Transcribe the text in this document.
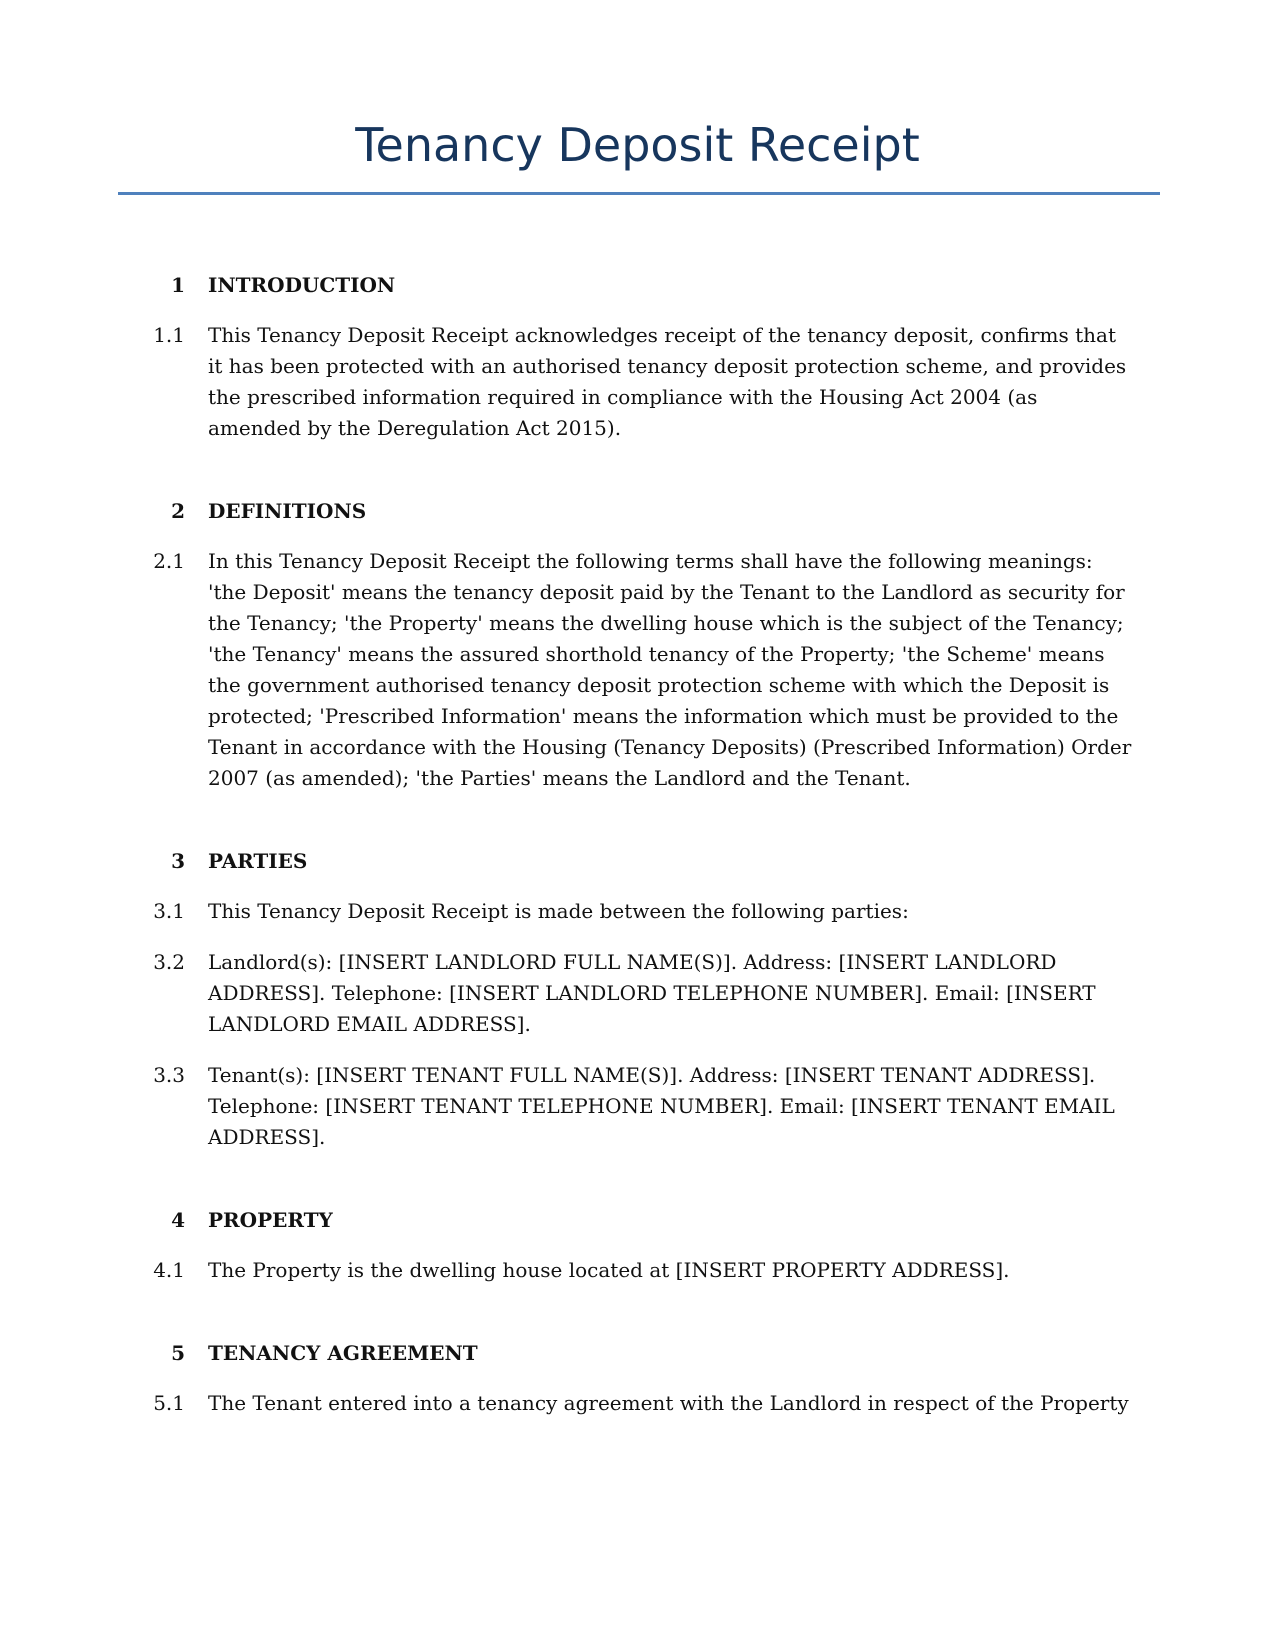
Tenancy Deposit Receipt
1 INTRODUCTION
1.1 This Tenancy Deposit Receipt acknowledges receipt of the tenancy deposit, confirms that it has been protected with an authorised tenancy deposit protection scheme, and provides the prescribed information required in compliance with the Housing Act 2004 (as amended by the Deregulation Act 2015).
2 DEFINITIONS
2.1 In this Tenancy Deposit Receipt the following terms shall have the following meanings: 'the Deposit' means the tenancy deposit paid by the Tenant to the Landlord as security for the Tenancy; 'the Property' means the dwelling house which is the subject of the Tenancy; 'the Tenancy' means the assured shorthold tenancy of the Property; 'the Scheme' means the government authorised tenancy deposit protection scheme with which the Deposit is protected; 'Prescribed Information' means the information which must be provided to the Tenant in accordance with the Housing (Tenancy Deposits) (Prescribed Information) Order 2007 (as amended); 'the Parties' means the Landlord and the Tenant.
3 PARTIES
3.1 This Tenancy Deposit Receipt is made between the following parties:
3.2 Landlord(s): [INSERT LANDLORD FULL NAME(S)]. Address: [INSERT LANDLORD ADDRESS]. Telephone: [INSERT LANDLORD TELEPHONE NUMBER]. Email: [INSERT LANDLORD EMAIL ADDRESS].
3.3 Tenant(s): [INSERT TENANT FULL NAME(S)]. Address: [INSERT TENANT ADDRESS]. Telephone: [INSERT TENANT TELEPHONE NUMBER]. Email: [INSERT TENANT EMAIL ADDRESS].
4 PROPERTY
4.1 The Property is the dwelling house located at [INSERT PROPERTY ADDRESS].
5 TENANCY AGREEMENT
5.1 The Tenant entered into a tenancy agreement with the Landlord in respect of the Property
